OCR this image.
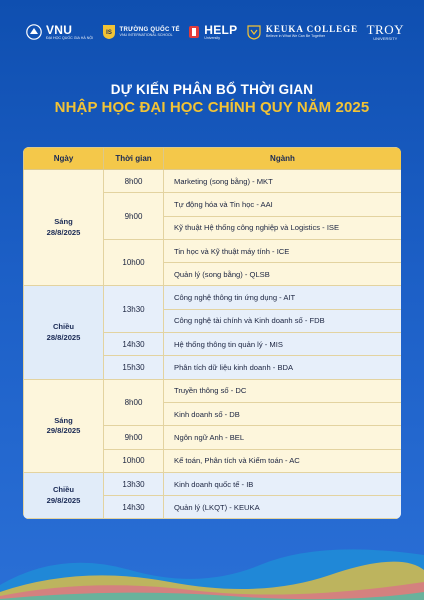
VNU
ĐẠI HỌC QUỐC GIA HÀ NỘI
IS
TRƯỜNG QUỐC TẾ
VNU INTERNATIONAL SCHOOL	HELP
University
KEUKA COLLEGE
Believe in What We Can Be Together	TROY
UNIVERSITY
DỰ KIẾN PHÂN BỔ THỜI GIAN
NHẬP HỌC ĐẠI HỌC CHÍNH QUY NĂM 2025
Ngày	Thời gian	Ngành

Sáng
28/8/2025	8h00	Marketing (song bằng) - MKT
	9h00	Tự động hóa và Tin học - AAI
		Kỹ thuật Hệ thống công nghiệp và Logistics - ISE
	10h00	Tin học và Kỹ thuật máy tính - ICE
		Quản lý (song bằng) - QLSB

Chiều
28/8/2025	13h30	Công nghệ thông tin ứng dụng - AIT
		Công nghệ tài chính và Kinh doanh số - FDB
	14h30	Hệ thống thông tin quản lý - MIS
	15h30	Phân tích dữ liệu kinh doanh - BDA

Sáng
29/8/2025	8h00	Truyền thông số - DC
		Kinh doanh số - DB
	9h00	Ngôn ngữ Anh - BEL
	10h00	Kế toán, Phân tích và Kiểm toán - AC

Chiều
29/8/2025	13h30	Kinh doanh quốc tế - IB
	14h30	Quản lý (LKQT) - KEUKA
